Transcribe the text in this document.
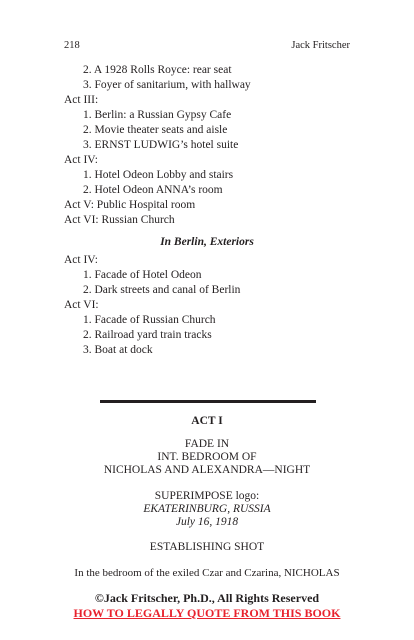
218	Jack Fritscher
2. A 1928 Rolls Royce: rear seat
3. Foyer of sanitarium, with hallway
Act III:
1. Berlin: a Russian Gypsy Cafe
2. Movie theater seats and aisle
3. ERNST LUDWIG’s hotel suite
Act IV:
1. Hotel Odeon Lobby and stairs
2. Hotel Odeon ANNA’s room
Act V: Public Hospital room
Act VI: Russian Church
In Berlin, Exteriors
Act IV:
1. Facade of Hotel Odeon
2. Dark streets and canal of Berlin
Act VI:
1. Facade of Russian Church
2. Railroad yard train tracks
3. Boat at dock
ACT I
FADE IN
INT. BEDROOM OF
NICHOLAS AND ALEXANDRA—NIGHT
SUPERIMPOSE logo:
EKATERINBURG, RUSSIA
July 16, 1918
ESTABLISHING SHOT
In the bedroom of the exiled Czar and Czarina, NICHOLAS
©Jack Fritscher, Ph.D., All Rights Reserved
HOW TO LEGALLY QUOTE FROM THIS BOOK
